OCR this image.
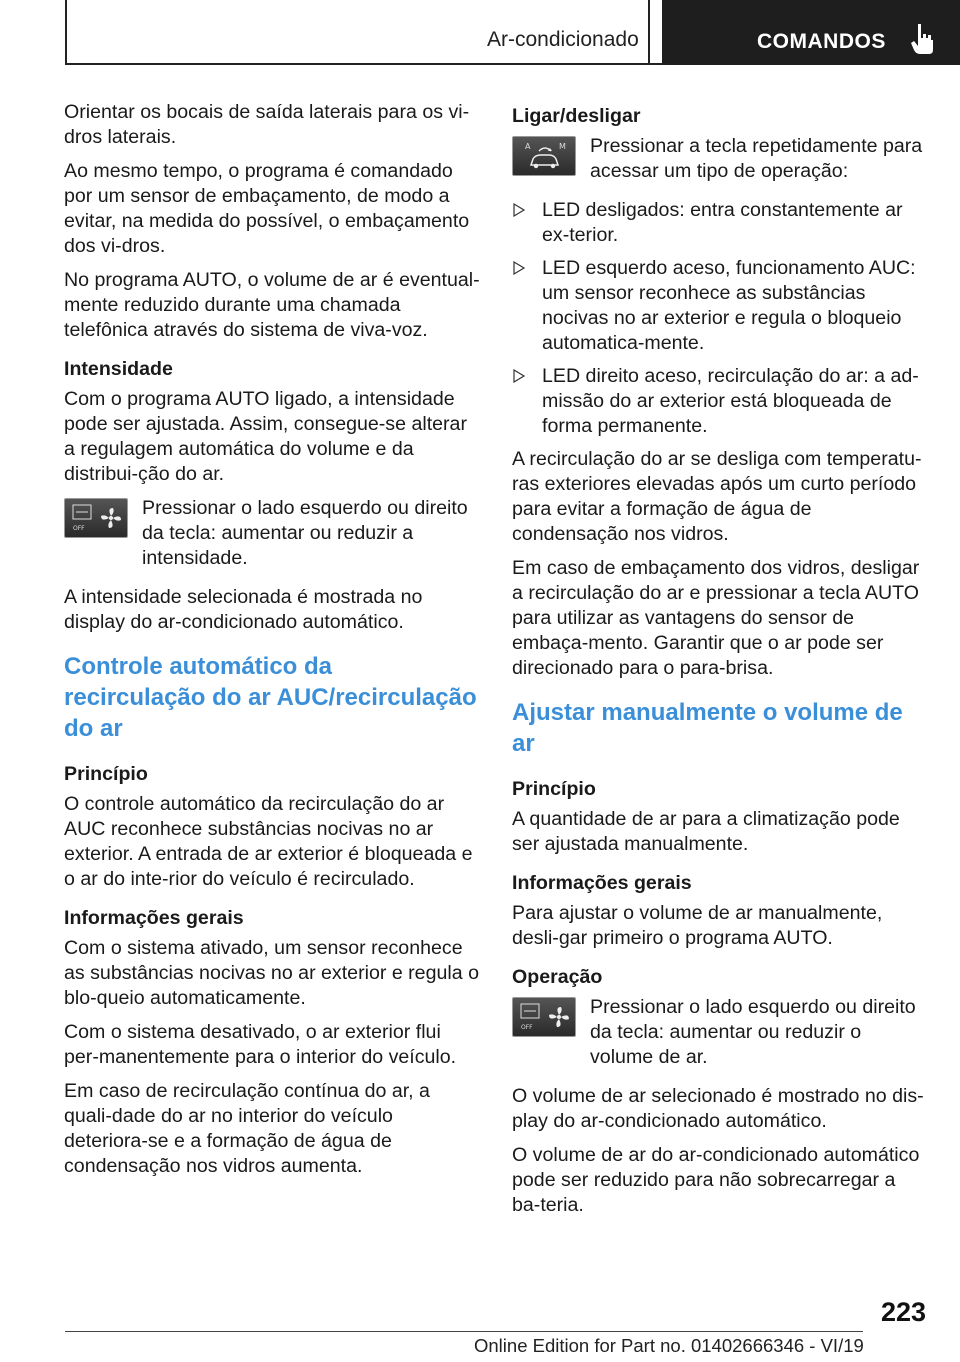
Ar-condicionado	COMANDOS

Orientar os bocais de saída laterais para os vi-dros laterais.

Ao mesmo tempo, o programa é comandado por um sensor de embaçamento, de modo a evitar, na medida do possível, o embaçamento dos vi-dros.

No programa AUTO, o volume de ar é eventual-mente reduzido durante uma chamada telefônica através do sistema de viva-voz.

Intensidade

Com o programa AUTO ligado, a intensidade pode ser ajustada. Assim, consegue-se alterar a regulagem automática do volume e da distribui-ção do ar.

OFF
Pressionar o lado esquerdo ou direito da tecla: aumentar ou reduzir a intensidade.

A intensidade selecionada é mostrada no display do ar-condicionado automático.

Controle automático da recirculação do ar AUC/recirculação do ar
Princípio

O controle automático da recirculação do ar AUC reconhece substâncias nocivas no ar exterior. A entrada de ar exterior é bloqueada e o ar do inte-rior do veículo é recirculado.

Informações gerais

Com o sistema ativado, um sensor reconhece as substâncias nocivas no ar exterior e regula o blo-queio automaticamente.

Com o sistema desativado, o ar exterior flui per-manentemente para o interior do veículo.

Em caso de recirculação contínua do ar, a quali-dade do ar no interior do veículo deteriora-se e a formação de água de condensação nos vidros aumenta.

Ligar/desligar
A	M Pressionar a tecla repetidamente para acessar um tipo de operação:
LED desligados: entra constantemente ar ex-terior.
LED esquerdo aceso, funcionamento AUC: um sensor reconhece as substâncias nocivas no ar exterior e regula o bloqueio automatica-mente.
LED direito aceso, recirculação do ar: a ad-missão do ar exterior está bloqueada de forma permanente.

A recirculação do ar se desliga com temperatu-ras exteriores elevadas após um curto período para evitar a formação de água de condensação nos vidros.

Em caso de embaçamento dos vidros, desligar a recirculação do ar e pressionar a tecla AUTO para utilizar as vantagens do sensor de embaça-mento. Garantir que o ar pode ser direcionado para o para-brisa.

Ajustar manualmente o volume de ar
Princípio

A quantidade de ar para a climatização pode ser ajustada manualmente.

Informações gerais

Para ajustar o volume de ar manualmente, desli-gar primeiro o programa AUTO.

Operação
OFF
Pressionar o lado esquerdo ou direito da tecla: aumentar ou reduzir o volume de ar.

O volume de ar selecionado é mostrado no dis-play do ar-condicionado automático.

O volume de ar do ar-condicionado automático pode ser reduzido para não sobrecarregar a ba-teria.

223
Online Edition for Part no. 01402666346 - VI/19
